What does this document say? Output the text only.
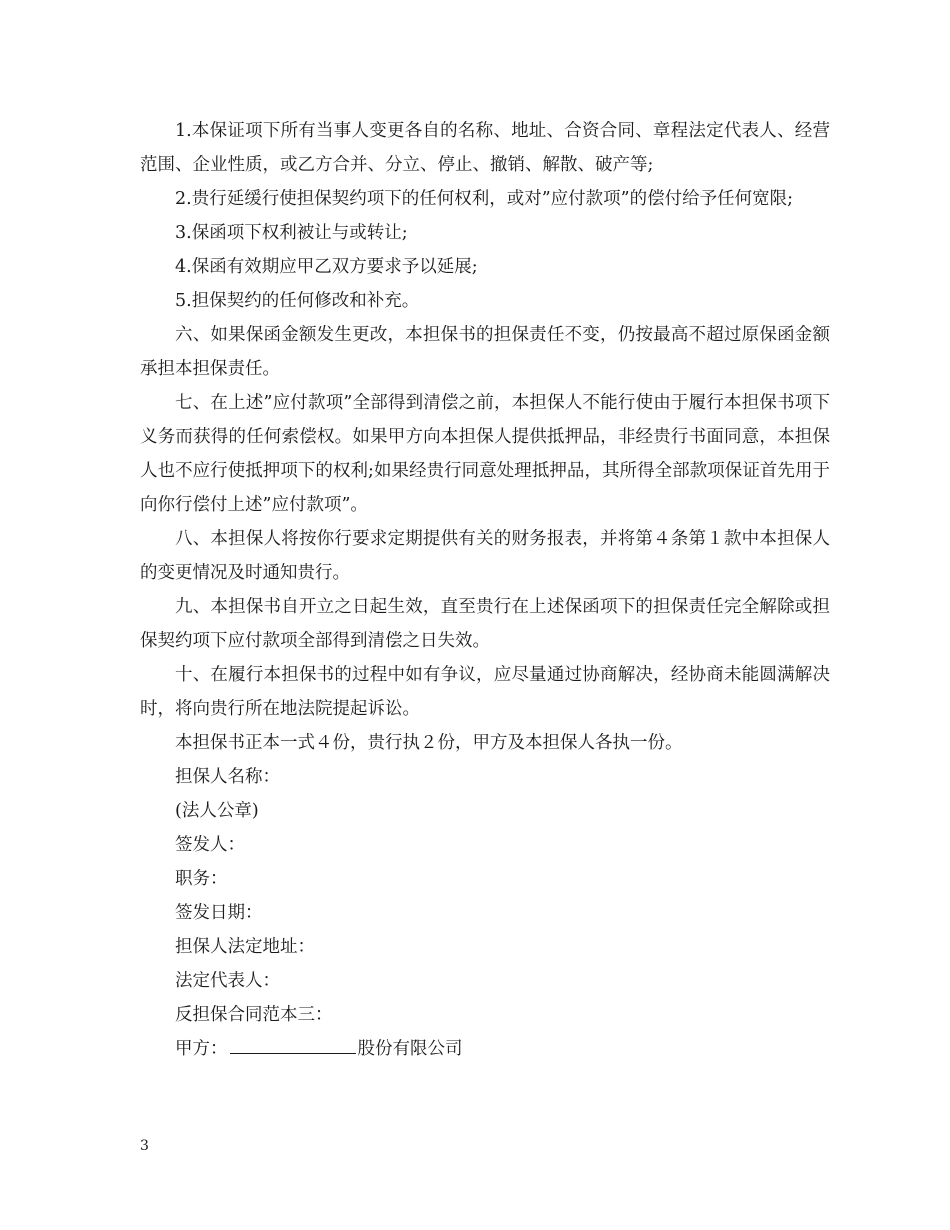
1.本保证项下所有当事人变更各自的名称、地址、合资合同、章程法定代表人、经营范围、企业性质，或乙方合并、分立、停止、撤销、解散、破产等;

2.贵行延缓行使担保契约项下的任何权利，或对”应付款项”的偿付给予任何宽限;

3.保函项下权利被让与或转让;

4.保函有效期应甲乙双方要求予以延展;

5.担保契约的任何修改和补充。

六、如果保函金额发生更改，本担保书的担保责任不变，仍按最高不超过原保函金额承担本担保责任。

七、在上述”应付款项”全部得到清偿之前，本担保人不能行使由于履行本担保书项下义务而获得的任何索偿权。如果甲方向本担保人提供抵押品，非经贵行书面同意，本担保人也不应行使抵押项下的权利;如果经贵行同意处理抵押品，其所得全部款项保证首先用于向你行偿付上述”应付款项”。

八、本担保人将按你行要求定期提供有关的财务报表，并将第４条第１款中本担保人的变更情况及时通知贵行。

九、本担保书自开立之日起生效，直至贵行在上述保函项下的担保责任完全解除或担保契约项下应付款项全部得到清偿之日失效。

十、在履行本担保书的过程中如有争议，应尽量通过协商解决，经协商未能圆满解决时，将向贵行所在地法院提起诉讼。

本担保书正本一式４份，贵行执２份，甲方及本担保人各执一份。

担保人名称：

(法人公章)

签发人：

职务：

签发日期：

担保人法定地址：

法定代表人：

反担保合同范本三：

甲方：	股份有限公司

3
